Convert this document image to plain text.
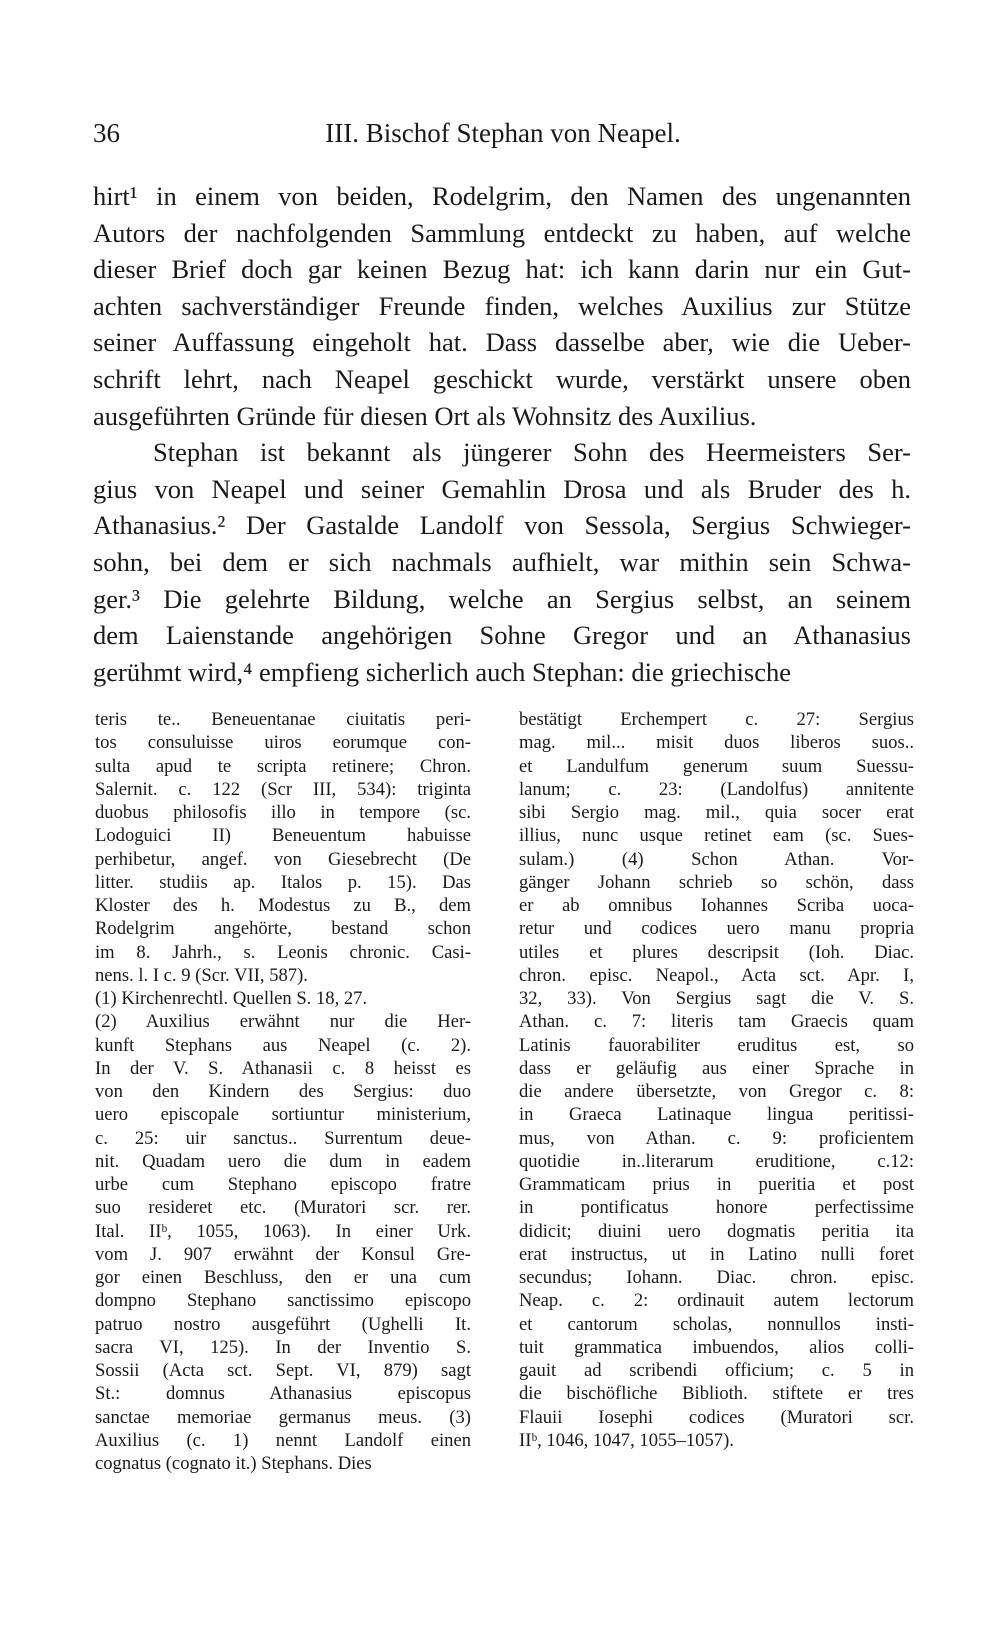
36	III. Bischof Stephan von Neapel.
hirt¹ in einem von beiden, Rodelgrim, den Namen des ungenannten
Autors der nachfolgenden Sammlung entdeckt zu haben, auf welche
dieser Brief doch gar keinen Bezug hat: ich kann darin nur ein Gut-
achten sachverständiger Freunde finden, welches Auxilius zur Stütze
seiner Auffassung eingeholt hat. Dass dasselbe aber, wie die Ueber-
schrift lehrt, nach Neapel geschickt wurde, verstärkt unsere oben
ausgeführten Gründe für diesen Ort als Wohnsitz des Auxilius.
Stephan ist bekannt als jüngerer Sohn des Heermeisters Ser-
gius von Neapel und seiner Gemahlin Drosa und als Bruder des h.
Athanasius.² Der Gastalde Landolf von Sessola, Sergius Schwieger-
sohn, bei dem er sich nachmals aufhielt, war mithin sein Schwa-
ger.³ Die gelehrte Bildung, welche an Sergius selbst, an seinem
dem Laienstande angehörigen Sohne Gregor und an Athanasius
gerühmt wird,⁴ empfieng sicherlich auch Stephan: die griechische
teris te.. Beneuentanae ciuitatis peri-
tos consuluisse uiros eorumque con-
sulta apud te scripta retinere; Chron.
Salernit. c. 122 (Scr III, 534): triginta
duobus philosofis illo in tempore (sc.
Lodoguici II) Beneuentum habuisse
perhibetur, angef. von Giesebrecht (De
litter. studiis ap. Italos p. 15). Das
Kloster des h. Modestus zu B., dem
Rodelgrim angehörte, bestand schon
im 8. Jahrh., s. Leonis chronic. Casi-
nens. l. I c. 9 (Scr. VII, 587).
(1) Kirchenrechtl. Quellen S. 18, 27.
(2) Auxilius erwähnt nur die Her-
kunft Stephans aus Neapel (c. 2).
In der V. S. Athanasii c. 8 heisst es
von den Kindern des Sergius: duo
uero episcopale sortiuntur ministerium,
c. 25: uir sanctus.. Surrentum deue-
nit. Quadam uero die dum in eadem
urbe cum Stephano episcopo fratre
suo resideret etc. (Muratori scr. rer.
Ital. IIᵇ, 1055, 1063). In einer Urk.
vom J. 907 erwähnt der Konsul Gre-
gor einen Beschluss, den er una cum
dompno Stephano sanctissimo episcopo
patruo nostro ausgeführt (Ughelli It.
sacra VI, 125). In der Inventio S.
Sossii (Acta sct. Sept. VI, 879) sagt
St.: domnus Athanasius episcopus
sanctae memoriae germanus meus. (3)
Auxilius (c. 1) nennt Landolf einen
cognatus (cognato it.) Stephans. Dies
bestätigt Erchempert c. 27: Sergius
mag. mil... misit duos liberos suos..
et Landulfum generum suum Suessu-
lanum; c. 23: (Landolfus) annitente
sibi Sergio mag. mil., quia socer erat
illius, nunc usque retinet eam (sc. Sues-
sulam.) (4) Schon Athan. Vor-
gänger Johann schrieb so schön, dass
er ab omnibus Iohannes Scriba uoca-
retur und codices uero manu propria
utiles et plures descripsit (Ioh. Diac.
chron. episc. Neapol., Acta sct. Apr. I,
32, 33). Von Sergius sagt die V. S.
Athan. c. 7: literis tam Graecis quam
Latinis fauorabiliter eruditus est, so
dass er geläufig aus einer Sprache in
die andere übersetzte, von Gregor c. 8:
in Graeca Latinaque lingua peritissi-
mus, von Athan. c. 9: proficientem
quotidie in..literarum eruditione, c.12:
Grammaticam prius in pueritia et post
in pontificatus honore perfectissime
didicit; diuini uero dogmatis peritia ita
erat instructus, ut in Latino nulli foret
secundus; Iohann. Diac. chron. episc.
Neap. c. 2: ordinauit autem lectorum
et cantorum scholas, nonnullos insti-
tuit grammatica imbuendos, alios colli-
gauit ad scribendi officium; c. 5 in
die bischöfliche Biblioth. stiftete er tres
Flauii Iosephi codices (Muratori scr.
IIᵇ, 1046, 1047, 1055–1057).
